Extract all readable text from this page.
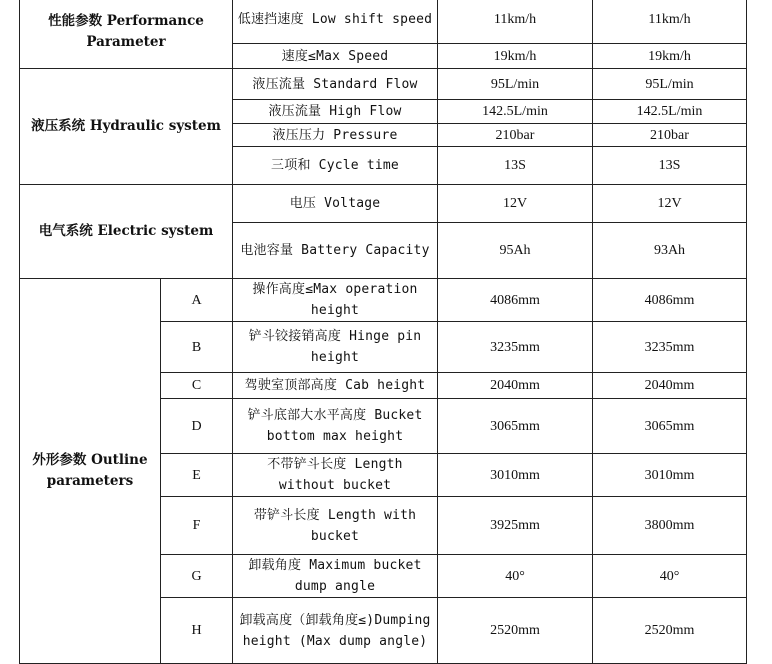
性能参数 Performance Parameter		低速挡速度 Low shift speed	11km/h	11km/h
		速度≤Max Speed	19km/h	19km/h
液压系统 Hydraulic system		液压流量 Standard Flow	95L/min	95L/min
		液压流量 High Flow	142.5L/min	142.5L/min
		液压压力 Pressure	210bar	210bar
		三项和 Cycle time	13S	13S
电气系统 Electric system		电压 Voltage	12V	12V
		电池容量 Battery Capacity	95Ah	93Ah
外形参数 Outline parameters	A	操作高度≤Max operation height	4086mm	4086mm
	B	铲斗铰接销高度 Hinge pin height	3235mm	3235mm
	C	驾驶室顶部高度 Cab height	2040mm	2040mm
	D	铲斗底部大水平高度 Bucket bottom max height	3065mm	3065mm
	E	不带铲斗长度 Length without bucket	3010mm	3010mm
	F	带铲斗长度 Length with bucket	3925mm	3800mm
	G	卸载角度 Maximum bucket dump angle	40°	40°
	H	卸载高度（卸载角度≤)Dumping height (Max dump angle)	2520mm	2520mm
